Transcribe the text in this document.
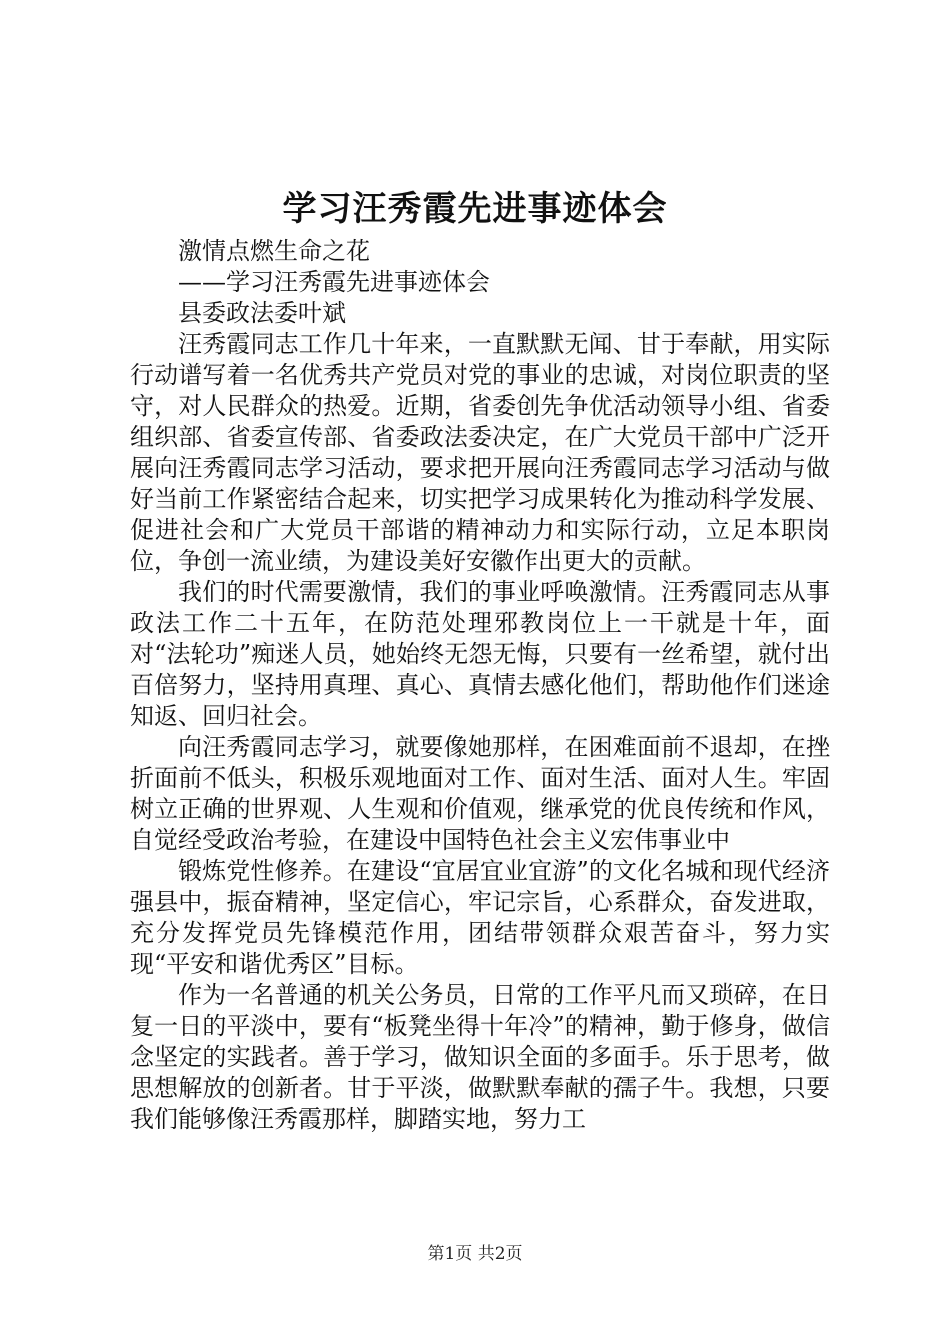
学习汪秀霞先进事迹体会

激情点燃生命之花

——学习汪秀霞先进事迹体会

县委政法委叶斌

汪秀霞同志工作几十年来，一直默默无闻、甘于奉献，用实际行动谱写着一名优秀共产党员对党的事业的忠诚，对岗位职责的坚守，对人民群众的热爱。近期，省委创先争优活动领导小组、省委组织部、省委宣传部、省委政法委决定，在广大党员干部中广泛开展向汪秀霞同志学习活动，要求把开展向汪秀霞同志学习活动与做好当前工作紧密结合起来，切实把学习成果转化为推动科学发展、促进社会和广大党员干部谐的精神动力和实际行动，立足本职岗位，争创一流业绩，为建设美好安徽作出更大的贡献。

我们的时代需要激情，我们的事业呼唤激情。汪秀霞同志从事政法工作二十五年，在防范处理邪教岗位上一干就是十年，面对“法轮功”痴迷人员，她始终无怨无悔，只要有一丝希望，就付出百倍努力，坚持用真理、真心、真情去感化他们，帮助他作们迷途知返、回归社会。

向汪秀霞同志学习，就要像她那样，在困难面前不退却，在挫折面前不低头，积极乐观地面对工作、面对生活、面对人生。牢固树立正确的世界观、人生观和价值观，继承党的优良传统和作风，自觉经受政治考验，在建设中国特色社会主义宏伟事业中

锻炼党性修养。在建设“宜居宜业宜游”的文化名城和现代经济强县中，振奋精神，坚定信心，牢记宗旨，心系群众，奋发进取，充分发挥党员先锋模范作用，团结带领群众艰苦奋斗，努力实现“平安和谐优秀区”目标。

作为一名普通的机关公务员，日常的工作平凡而又琐碎，在日复一日的平淡中，要有“板凳坐得十年冷”的精神，勤于修身，做信念坚定的实践者。善于学习，做知识全面的多面手。乐于思考，做思想解放的创新者。甘于平淡，做默默奉献的孺子牛。我想，只要我们能够像汪秀霞那样，脚踏实地，努力工

第1页 共2页
